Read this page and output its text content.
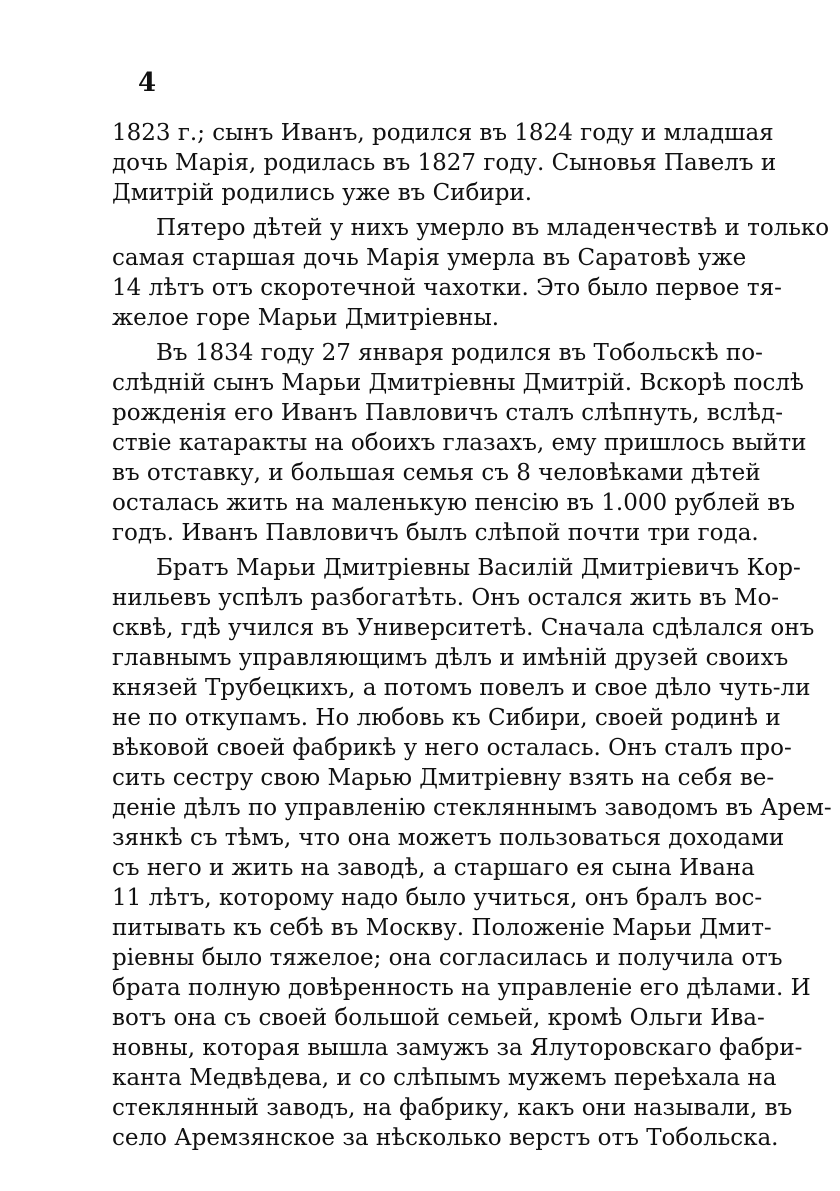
4

1823 г.; сынъ Иванъ, родился въ 1824 году и младшая
дочь Марія, родилась въ 1827 году. Сыновья Павелъ и
Дмитрій родились уже въ Сибири.

Пятеро дѣтей у нихъ умерло въ младенчествѣ и только
самая старшая дочь Марія умерла въ Саратовѣ уже
14 лѣтъ отъ скоротечной чахотки. Это было первое тя-
желое горе Марьи Дмитріевны.

Въ 1834 году 27 января родился въ Тобольскѣ по-
слѣдній сынъ Марьи Дмитріевны Дмитрій. Вскорѣ послѣ
рожденія его Иванъ Павловичъ сталъ слѣпнуть, вслѣд-
ствіе катаракты на обоихъ глазахъ, ему пришлось выйти
въ отставку, и большая семья съ 8 человѣками дѣтей
осталась жить на маленькую пенсію въ 1.000 рублей въ
годъ. Иванъ Павловичъ былъ слѣпой почти три года.

Братъ Марьи Дмитріевны Василій Дмитріевичъ Кор-
нильевъ успѣлъ разбогатѣть. Онъ остался жить въ Мо-
сквѣ, гдѣ учился въ Университетѣ. Сначала сдѣлался онъ
главнымъ управляющимъ дѣлъ и имѣній друзей своихъ
князей Трубецкихъ, а потомъ повелъ и свое дѣло чуть-ли
не по откупамъ. Но любовь къ Сибири, своей родинѣ и
вѣковой своей фабрикѣ у него осталась. Онъ сталъ про-
сить сестру свою Марью Дмитріевну взять на себя ве-
деніе дѣлъ по управленію стекляннымъ заводомъ въ Арем-
зянкѣ съ тѣмъ, что она можетъ пользоваться доходами
съ него и жить на заводѣ, а старшаго ея сына Ивана
11 лѣтъ, которому надо было учиться, онъ бралъ вос-
питывать къ себѣ въ Москву. Положеніе Марьи Дмит-
ріевны было тяжелое; она согласилась и получила отъ
брата полную довѣренность на управленіе его дѣлами. И
вотъ она съ своей большой семьей, кромѣ Ольги Ива-
новны, которая вышла замужъ за Ялуторовскаго фабри-
канта Медвѣдева, и со слѣпымъ мужемъ переѣхала на
стеклянный заводъ, на фабрику, какъ они называли, въ
село Аремзянское за нѣсколько верстъ отъ Тобольска.
